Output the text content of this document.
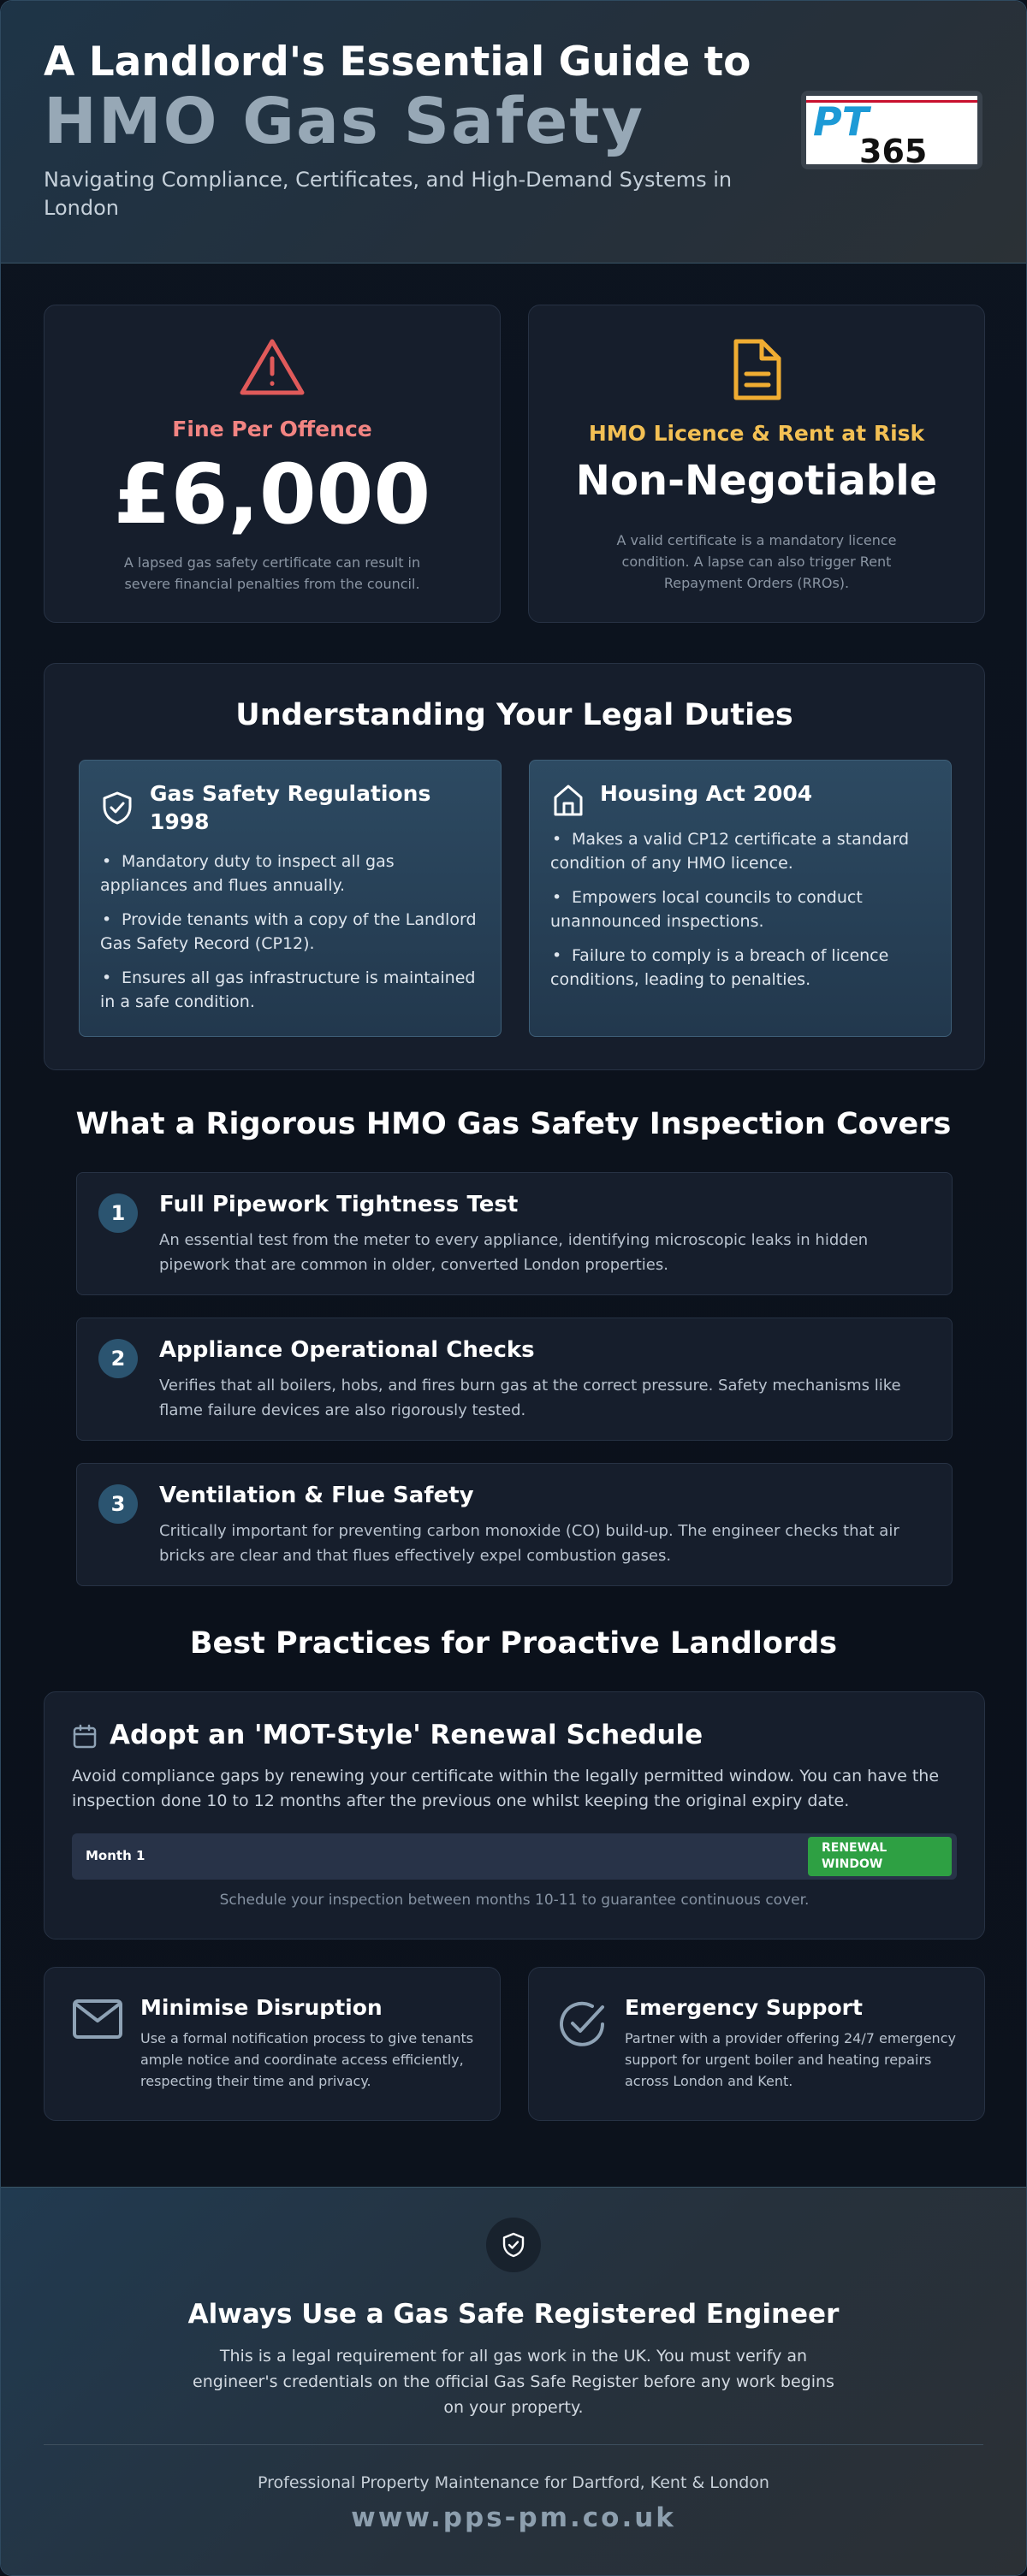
A Landlord's Essential Guide to
HMO Gas Safety
Navigating Compliance, Certificates, and High-Demand Systems in London
PT
365
Fine Per Offence
£6,000
A lapsed gas safety certificate can result in severe financial penalties from the council.
HMO Licence & Rent at Risk
Non-Negotiable
A valid certificate is a mandatory licence condition. A lapse can also trigger Rent Repayment Orders (RROs).
Understanding Your Legal Duties
Gas Safety Regulations 1998
• Mandatory duty to inspect all gas appliances and flues annually.
• Provide tenants with a copy of the Landlord Gas Safety Record (CP12).
• Ensures all gas infrastructure is maintained in a safe condition.
Housing Act 2004
• Makes a valid CP12 certificate a standard condition of any HMO licence.
• Empowers local councils to conduct unannounced inspections.
• Failure to comply is a breach of licence conditions, leading to penalties.
What a Rigorous HMO Gas Safety Inspection Covers
1	Full Pipework Tightness Test
An essential test from the meter to every appliance, identifying microscopic leaks in hidden pipework that are common in older, converted London properties.
2	Appliance Operational Checks
Verifies that all boilers, hobs, and fires burn gas at the correct pressure. Safety mechanisms like flame failure devices are also rigorously tested.
3	Ventilation & Flue Safety
Critically important for preventing carbon monoxide (CO) build-up. The engineer checks that air bricks are clear and that flues effectively expel combustion gases.
Best Practices for Proactive Landlords
Adopt an 'MOT-Style' Renewal Schedule
Avoid compliance gaps by renewing your certificate within the legally permitted window. You can have the inspection done 10 to 12 months after the previous one whilst keeping the original expiry date.
Month 1	RENEWAL WINDOW
Schedule your inspection between months 10-11 to guarantee continuous cover.
Minimise Disruption
Use a formal notification process to give tenants ample notice and coordinate access efficiently, respecting their time and privacy.
Emergency Support
Partner with a provider offering 24/7 emergency support for urgent boiler and heating repairs across London and Kent.
Always Use a Gas Safe Registered Engineer
This is a legal requirement for all gas work in the UK. You must verify an engineer's credentials on the official Gas Safe Register before any work begins on your property.
Professional Property Maintenance for Dartford, Kent & London
www.pps-pm.co.uk
